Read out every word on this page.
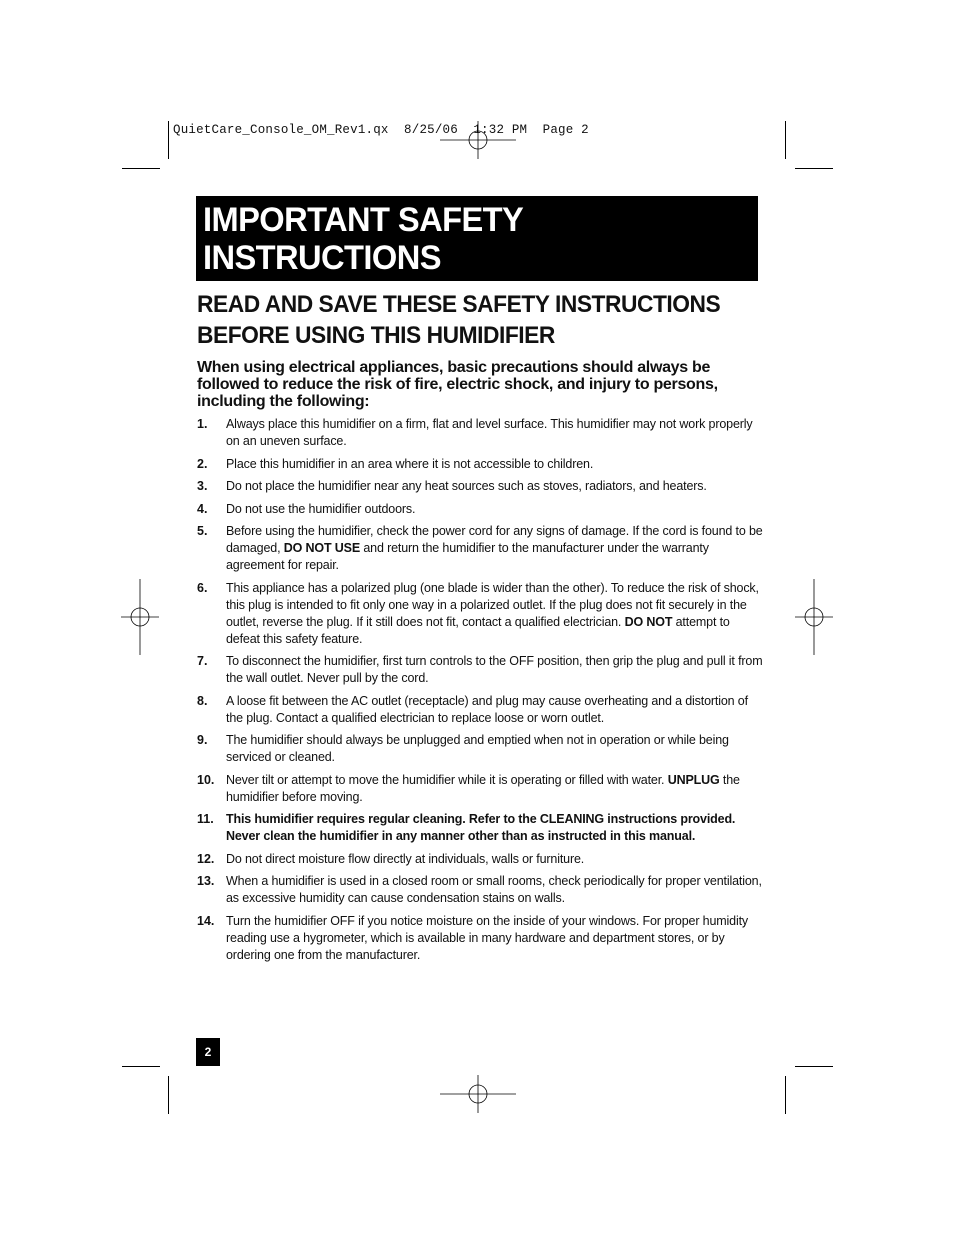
QuietCare_Console_OM_Rev1.qx  8/25/06  1:32 PM  Page 2
IMPORTANT SAFETY
INSTRUCTIONS
READ AND SAVE THESE SAFETY INSTRUCTIONS
BEFORE USING THIS HUMIDIFIER

When using electrical appliances, basic precautions should always be followed to reduce the risk of fire, electric shock, and injury to persons, including the following:

1. Always place this humidifier on a firm, flat and level surface. This humidifier may not work properly on an uneven surface.
2. Place this humidifier in an area where it is not accessible to children.
3. Do not place the humidifier near any heat sources such as stoves, radiators, and heaters.
4. Do not use the humidifier outdoors.
5. Before using the humidifier, check the power cord for any signs of damage. If the cord is found to be damaged, DO NOT USE and return the humidifier to the manufacturer under the warranty agreement for repair.
6. This appliance has a polarized plug (one blade is wider than the other). To reduce the risk of shock, this plug is intended to fit only one way in a polarized outlet. If the plug does not fit securely in the outlet, reverse the plug. If it still does not fit, contact a qualified electrician. DO NOT attempt to defeat this safety feature.
7. To disconnect the humidifier, first turn controls to the OFF position, then grip the plug and pull it from the wall outlet. Never pull by the cord.
8. A loose fit between the AC outlet (receptacle) and plug may cause overheating and a distortion of the plug. Contact a qualified electrician to replace loose or worn outlet.
9. The humidifier should always be unplugged and emptied when not in operation or while being serviced or cleaned.
10. Never tilt or attempt to move the humidifier while it is operating or filled with water. UNPLUG the humidifier before moving.
11. This humidifier requires regular cleaning. Refer to the CLEANING instructions provided. Never clean the humidifier in any manner other than as instructed in this manual.
12. Do not direct moisture flow directly at individuals, walls or furniture.
13. When a humidifier is used in a closed room or small rooms, check periodically for proper ventilation, as excessive humidity can cause condensation stains on walls.
14. Turn the humidifier OFF if you notice moisture on the inside of your windows. For proper humidity reading use a hygrometer, which is available in many hardware and department stores, or by ordering one from the manufacturer.
2
